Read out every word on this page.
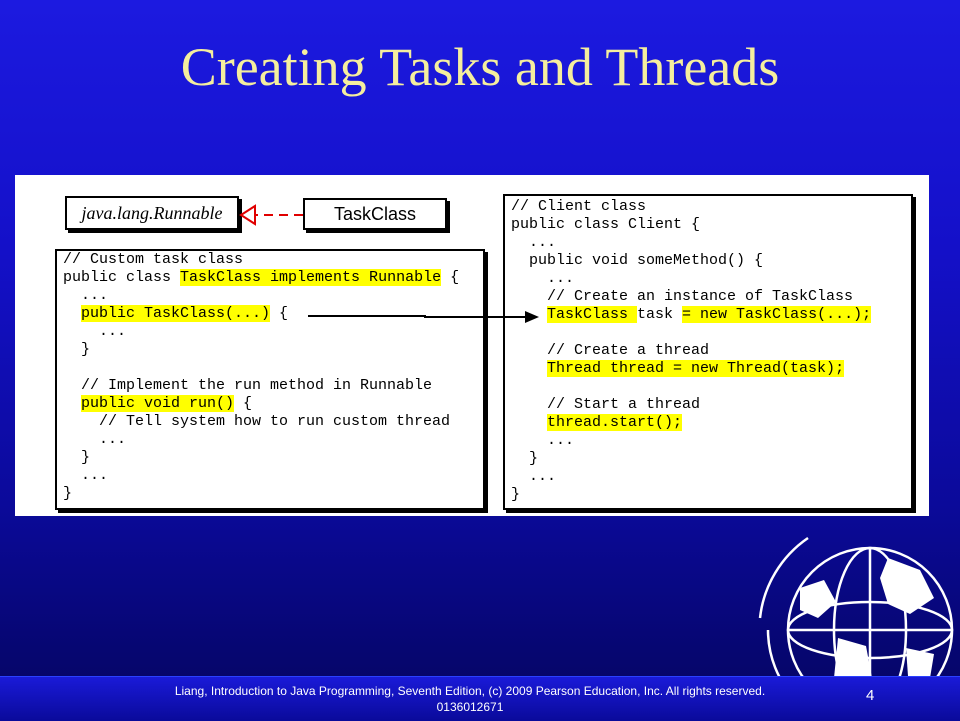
Creating Tasks and Threads
java.lang.Runnable	TaskClass
// Custom task class
public class TaskClass implements Runnable {
...
public TaskClass(...) {
...
}
// Implement the run method in Runnable
public void run() {
// Tell system how to run custom thread
...
}
...
}
// Client class
public class Client {
...
public void someMethod() {
...
// Create an instance of TaskClass
TaskClass task = new TaskClass(...);
// Create a thread
Thread thread = new Thread(task);
// Start a thread
thread.start();
...
}
...
}
Liang, Introduction to Java Programming, Seventh Edition, (c) 2009 Pearson Education, Inc. All rights reserved. 0136012671
4
